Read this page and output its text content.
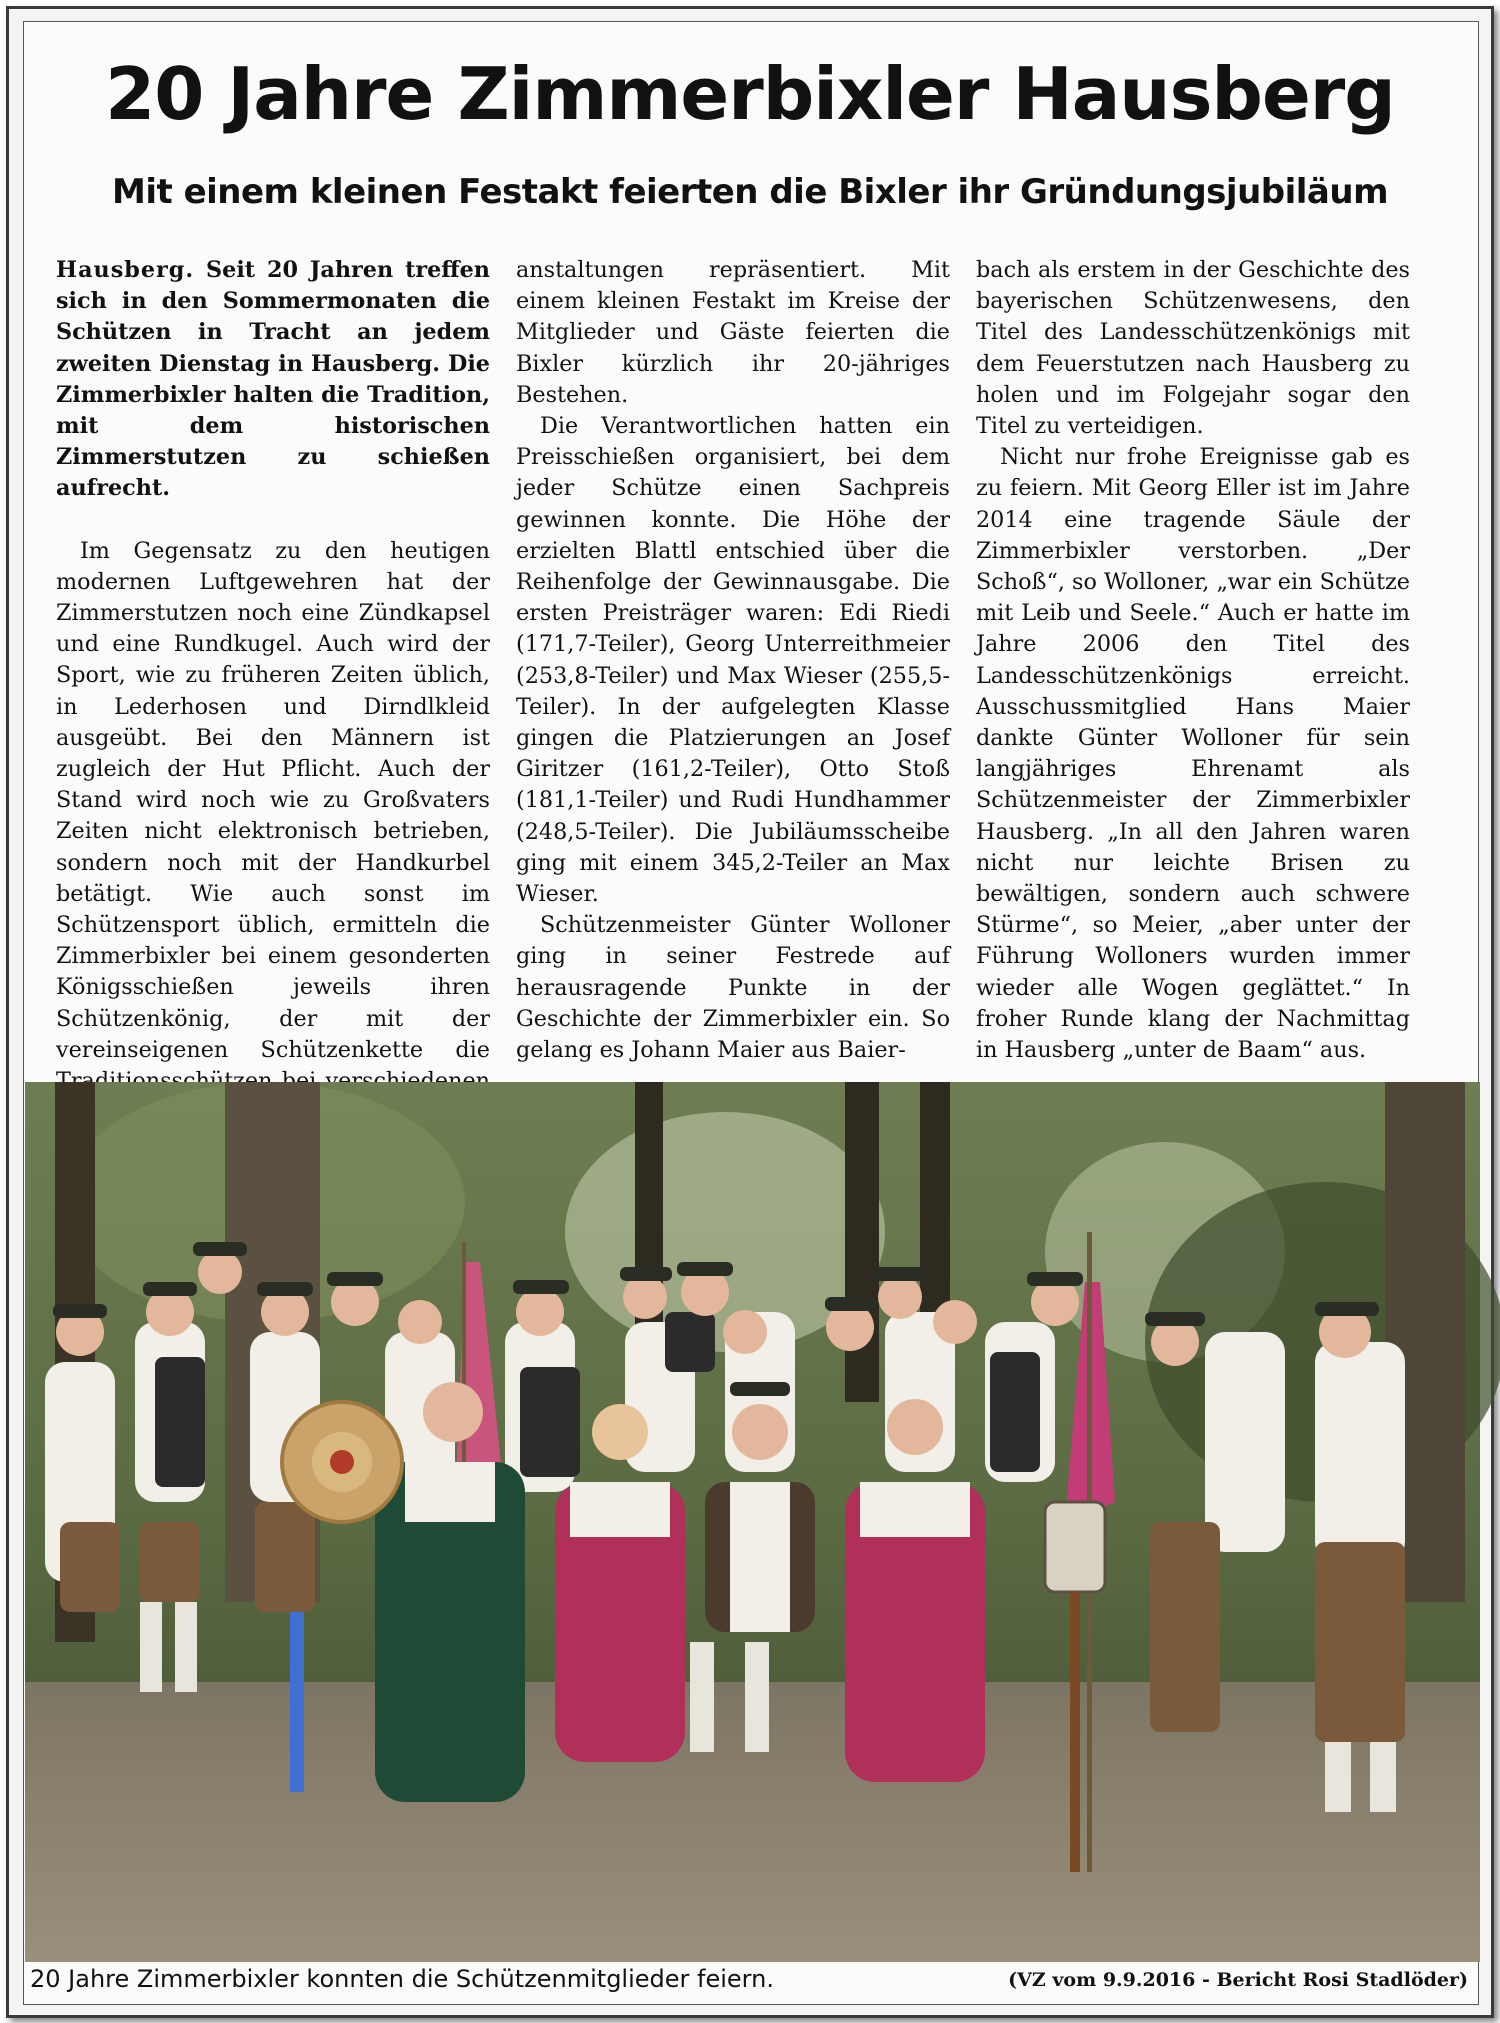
20 Jahre Zimmerbixler Hausberg
Mit einem kleinen Festakt feierten die Bixler ihr Gründungsjubiläum

Hausberg. Seit 20 Jahren treffen sich in den Sommermonaten die Schützen in Tracht an jedem zweiten Dienstag in Hausberg. Die Zimmerbixler halten die Tradition, mit dem historischen Zimmerstutzen zu schießen aufrecht.

Im Gegensatz zu den heutigen modernen Luftgewehren hat der Zimmerstutzen noch eine Zündkapsel und eine Rundkugel. Auch wird der Sport, wie zu früheren Zeiten üblich, in Lederhosen und Dirndlkleid ausgeübt. Bei den Männern ist zugleich der Hut Pflicht. Auch der Stand wird noch wie zu Großvaters Zeiten nicht elektronisch betrieben, sondern noch mit der Handkurbel betätigt. Wie auch sonst im Schützensport üblich, ermitteln die Zimmerbixler bei einem gesonderten Königsschießen jeweils ihren Schützenkönig, der mit der vereinseigenen Schützenkette die

anstaltungen repräsentiert. Mit einem kleinen Festakt im Kreise der Mitglieder und Gäste feierten die Bixler kürzlich ihr 20-jähriges Bestehen.

Die Verantwortlichen hatten ein Preisschießen organisiert, bei dem jeder Schütze einen Sachpreis gewinnen konnte. Die Höhe der erzielten Blattl entschied über die Reihenfolge der Gewinnausgabe. Die ersten Preisträger waren: Edi Riedi (171,7-Teiler), Georg Unterreithmeier (253,8-Teiler) und Max Wieser (255,5-Teiler). In der aufgelegten Klasse gingen die Platzierungen an Josef Giritzer (161,2-Teiler), Otto Stoß (181,1-Teiler) und Rudi Hundhammer (248,5-Teiler). Die Jubiläumsscheibe ging mit einem 345,2-Teiler an Max Wieser.

Schützenmeister Günter Wolloner ging in seiner Festrede auf herausragende Punkte in der Geschichte der Zimmerbixler ein. So gelang es Johann Maier aus Baier-

bach als erstem in der Geschichte des bayerischen Schützenwesens, den Titel des Landesschützenkönigs mit dem Feuerstutzen nach Hausberg zu holen und im Folgejahr sogar den Titel zu verteidigen.

Nicht nur frohe Ereignisse gab es zu feiern. Mit Georg Eller ist im Jahre 2014 eine tragende Säule der Zimmerbixler verstorben. „Der Schoß“, so Wolloner, „war ein Schütze mit Leib und Seele.“ Auch er hatte im Jahre 2006 den Titel des Landesschützenkönigs erreicht. Ausschussmitglied Hans Maier dankte Günter Wolloner für sein langjähriges Ehrenamt als Schützenmeister der Zimmerbixler Hausberg. „In all den Jahren waren nicht nur leichte Brisen zu bewältigen, sondern auch schwere Stürme“, so Meier, „aber unter der Führung Wolloners wurden immer wieder alle Wogen geglättet.“ In froher Runde klang der Nachmittag in Hausberg „unter de Baam“ aus.

20 Jahre Zimmerbixler konnten die Schützenmitglieder feiern.	(VZ vom 9.9.2016 - Bericht Rosi Stadlöder)
